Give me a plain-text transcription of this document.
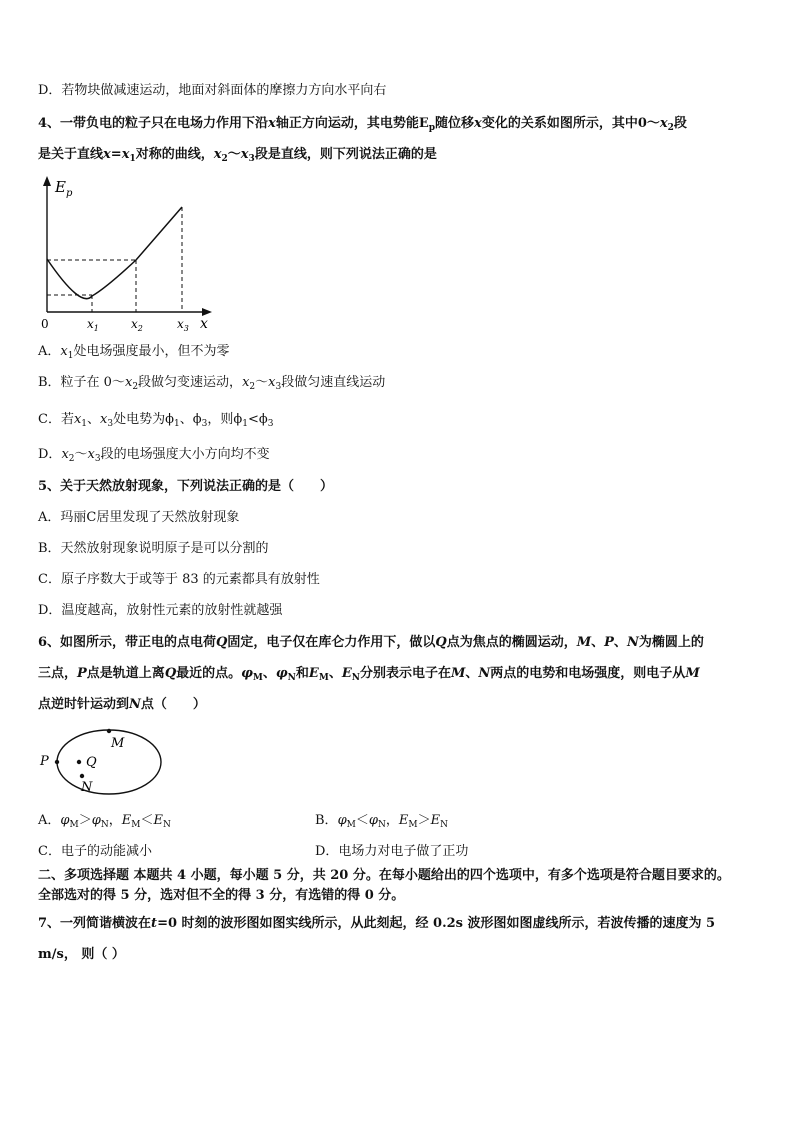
D．若物块做减速运动，地面对斜面体的摩擦力方向水平向右
4、一带负电的粒子只在电场力作用下沿x轴正方向运动，其电势能$E_p$随位移x变化的关系如图所示，其中$0\sim x_2$段
是关于直线$x=x_1$对称的曲线，$x_2\sim x_3$段是直线，则下列说法正确的是
$E_p$
0	x
$x_1$	$x_2$	$x_3$
A．$x_1$处电场强度最小，但不为零
B．粒子在 $0\sim x_2$段做匀变速运动，$x_2\sim x_3$段做匀速直线运动
C．若$x_1$、$x_3$处电势为$\phi_1$、$\phi_3$，则$\phi_1<\phi_3$
D．$x_2\sim x_3$段的电场强度大小方向均不变
5、关于天然放射现象，下列说法正确的是（　　）
A．玛丽C居里发现了天然放射现象
B．天然放射现象说明原子是可以分割的
C．原子序数大于或等于 83 的元素都具有放射性
D．温度越高，放射性元素的放射性就越强
6、如图所示，带正电的点电荷Q固定，电子仅在库仑力作用下，做以Q点为焦点的椭圆运动，M、P、N为椭圆上的
三点，P点是轨道上离Q最近的点。$\varphi_M$、$\varphi_N$和$E_M$、$E_N$分别表示电子在M、N两点的电势和电场强度，则电子从M
点逆时针运动到N点（　　）
P	Q
M
N
A．$\varphi_M>\varphi_N$，$E_M<E_N$	B．$\varphi_M<\varphi_N$，$E_M>E_N$
C．电子的动能减小	D．电场力对电子做了正功
二、多项选择题 本题共 4 小题，每小题 5 分，共 20 分。在每小题给出的四个选项中，有多个选项是符合题目要求的。
全部选对的得 5 分，选对但不全的得 3 分，有选错的得 0 分。
7、一列简谐横波在t=0 时刻的波形图如图实线所示，从此刻起，经 0.2s 波形图如图虚线所示，若波传播的速度为 5
m/s， 则（ ）
